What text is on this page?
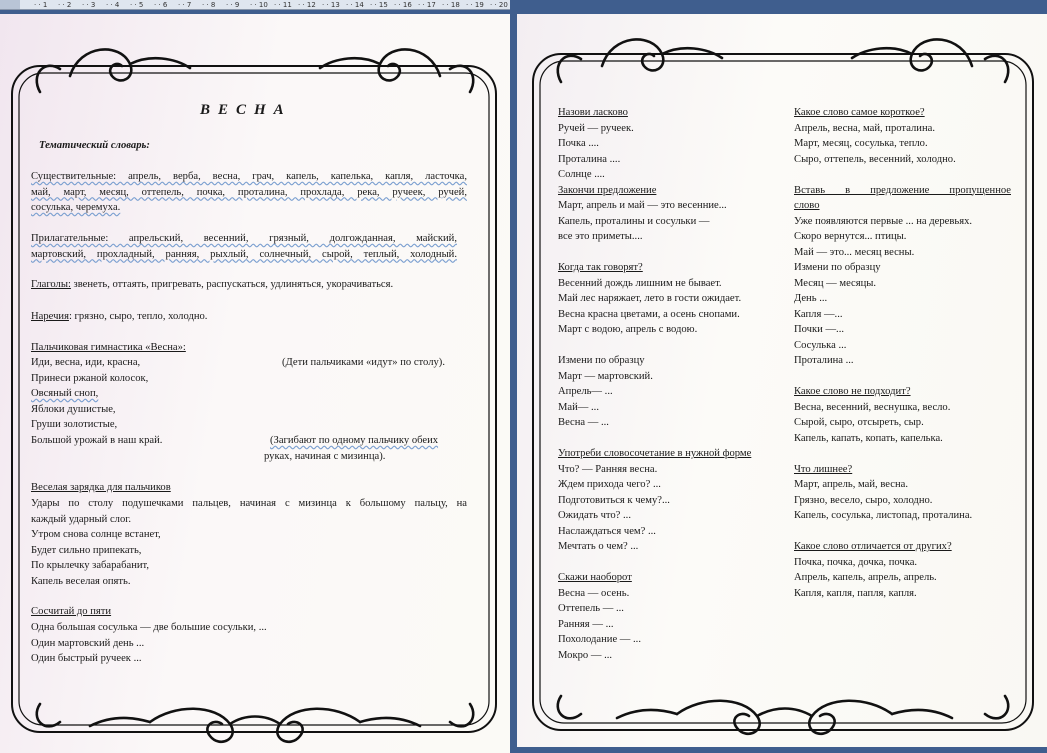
· · 1 · · 2 · · 3 · · 4 · · 5 · · 6 · · 7 · · 8 · · 9 · · 10 · · 11 · · 12 · · 13 · · 14 · · 15 · · 16 · · 17 · · 18 · · 19 · · 20
ВЕСНА
Тематический словарь:
Существительные: апрель, верба, весна, грач, капель, капелька, капля, ласточка,
май, март, месяц, оттепель, почка, проталина, прохлада, река, ручеек, ручей,
сосулька, черемуха.
Прилагательные: апрельский, весенний, грязный, долгожданная, майский,
мартовский, прохладный, ранняя, рыхлый, солнечный, сырой, теплый, холодный.
Глаголы: звенеть, оттаять, пригревать, распускаться, удлиняться, укорачиваться.
Наречия: грязно, сыро, тепло, холодно.
Пальчиковая гимнастика «Весна»:
Иди, весна, иди, красна,
Принеси ржаной колосок,
Овсяный сноп,
Яблоки душистые,
Груши золотистые,
Большой урожай в наш край.
(Дети пальчиками «идут» по столу).
(Загибают по одному пальчику обеих
руках, начиная с мизинца).
Веселая зарядка для пальчиков
Удары по столу подушечками пальцев, начиная с мизинца к большому пальцу, на
каждый ударный слог.
Утром снова солнце встанет,
Будет сильно припекать,
По крылечку забарабанит,
Капель веселая опять.
Сосчитай до пяти
Одна большая сосулька — две большие сосульки, ...
Один мартовский день ...
Один быстрый ручеек ...
Назови ласково
Ручей — ручеек.
Почка ....
Проталина ....
Солнце ....
Закончи предложение
Март, апрель и май — это весенние...
Капель, проталины и сосульки —
все это приметы....
Когда так говорят?
Весенний дождь лишним не бывает.
Май лес наряжает, лето в гости ожидает.
Весна красна цветами, а осень снопами.
Март с водою, апрель с водою.
Измени по образцу
Март — мартовский.
Апрель— ...
Май— ...
Весна — ...
Употреби словосочетание в нужной форме
Что? — Ранняя весна.
Ждем прихода чего? ...
Подготовиться к чему?...
Ожидать что? ...
Наслаждаться чем? ...
Мечтать о чем? ...
Скажи наоборот
Весна — осень.
Оттепель — ...
Ранняя — ...
Похолодание — ...
Мокро — ...
Какое слово самое короткое?
Апрель, весна, май, проталина.
Март, месяц, сосулька, тепло.
Сыро, оттепель, весенний, холодно.
Вставь в предложение пропущенное
слово
Уже появляются первые ... на деревьях.
Скоро вернутся... птицы.
Май — это... месяц весны.
Измени по образцу
Месяц — месяцы.
День ...
Капля —...
Почки —...
Сосулька ...
Проталина ...
Какое слово не подходит?
Весна, весенний, веснушка, весло.
Сырой, сыро, отсыреть, сыр.
Капель, капать, копать, капелька.
Что лишнее?
Март, апрель, май, весна.
Грязно, весело, сыро, холодно.
Капель, сосулька, листопад, проталина.
Какое слово отличается от других?
Почка, почка, дочка, почка.
Апрель, капель, апрель, апрель.
Капля, капля, папля, капля.
